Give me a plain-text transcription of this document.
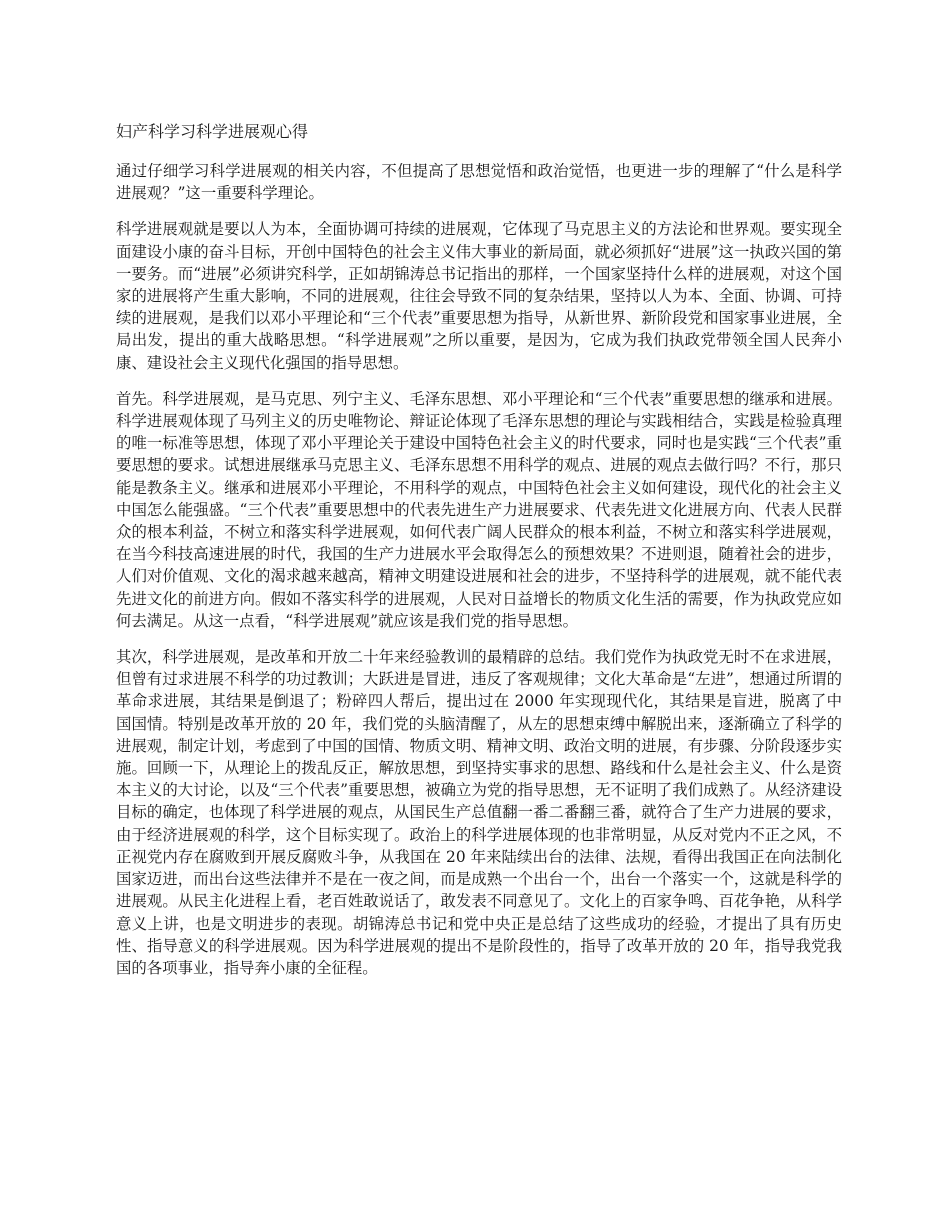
妇产科学习科学进展观心得

通过仔细学习科学进展观的相关内容，不但提高了思想觉悟和政治觉悟，也更进一步的理解了“什么是科学进展观？”这一重要科学理论。

科学进展观就是要以人为本，全面协调可持续的进展观，它体现了马克思主义的方法论和世界观。要实现全面建设小康的奋斗目标，开创中国特色的社会主义伟大事业的新局面，就必须抓好“进展”这一执政兴国的第一要务。而“进展”必须讲究科学，正如胡锦涛总书记指出的那样，一个国家坚持什么样的进展观，对这个国家的进展将产生重大影响，不同的进展观，往往会导致不同的复杂结果，坚持以人为本、全面、协调、可持续的进展观，是我们以邓小平理论和“三个代表”重要思想为指导，从新世界、新阶段党和国家事业进展，全局出发，提出的重大战略思想。“科学进展观”之所以重要，是因为，它成为我们执政党带领全国人民奔小康、建设社会主义现代化强国的指导思想。

首先。科学进展观，是马克思、列宁主义、毛泽东思想、邓小平理论和“三个代表”重要思想的继承和进展。科学进展观体现了马列主义的历史唯物论、辩证论体现了毛泽东思想的理论与实践相结合，实践是检验真理的唯一标准等思想，体现了邓小平理论关于建设中国特色社会主义的时代要求，同时也是实践“三个代表”重要思想的要求。试想进展继承马克思主义、毛泽东思想不用科学的观点、进展的观点去做行吗？不行，那只能是教条主义。继承和进展邓小平理论，不用科学的观点，中国特色社会主义如何建设，现代化的社会主义中国怎么能强盛。“三个代表”重要思想中的代表先进生产力进展要求、代表先进文化进展方向、代表人民群众的根本利益，不树立和落实科学进展观，如何代表广阔人民群众的根本利益，不树立和落实科学进展观，在当今科技高速进展的时代，我国的生产力进展水平会取得怎么的预想效果？不进则退，随着社会的进步，人们对价值观、文化的渴求越来越高，精神文明建设进展和社会的进步，不坚持科学的进展观，就不能代表先进文化的前进方向。假如不落实科学的进展观，人民对日益增长的物质文化生活的需要，作为执政党应如何去满足。从这一点看，“科学进展观”就应该是我们党的指导思想。

其次，科学进展观，是改革和开放二十年来经验教训的最精辟的总结。我们党作为执政党无时不在求进展，但曾有过求进展不科学的功过教训；大跃进是冒进，违反了客观规律；文化大革命是“左进”，想通过所谓的革命求进展，其结果是倒退了；粉碎四人帮后，提出过在 2000 年实现现代化，其结果是盲进，脱离了中国国情。特别是改革开放的 20 年，我们党的头脑清醒了，从左的思想束缚中解脱出来，逐渐确立了科学的进展观，制定计划，考虑到了中国的国情、物质文明、精神文明、政治文明的进展，有步骤、分阶段逐步实施。回顾一下，从理论上的拨乱反正，解放思想，到坚持实事求的思想、路线和什么是社会主义、什么是资本主义的大讨论，以及“三个代表”重要思想，被确立为党的指导思想，无不证明了我们成熟了。从经济建设目标的确定，也体现了科学进展的观点，从国民生产总值翻一番二番翻三番，就符合了生产力进展的要求，由于经济进展观的科学，这个目标实现了。政治上的科学进展体现的也非常明显，从反对党内不正之风，不正视党内存在腐败到开展反腐败斗争，从我国在 20 年来陆续出台的法律、法规，看得出我国正在向法制化国家迈进，而出台这些法律并不是在一夜之间，而是成熟一个出台一个，出台一个落实一个，这就是科学的进展观。从民主化进程上看，老百姓敢说话了，敢发表不同意见了。文化上的百家争鸣、百花争艳，从科学意义上讲，也是文明进步的表现。胡锦涛总书记和党中央正是总结了这些成功的经验，才提出了具有历史性、指导意义的科学进展观。因为科学进展观的提出不是阶段性的，指导了改革开放的 20 年，指导我党我国的各项事业，指导奔小康的全征程。
